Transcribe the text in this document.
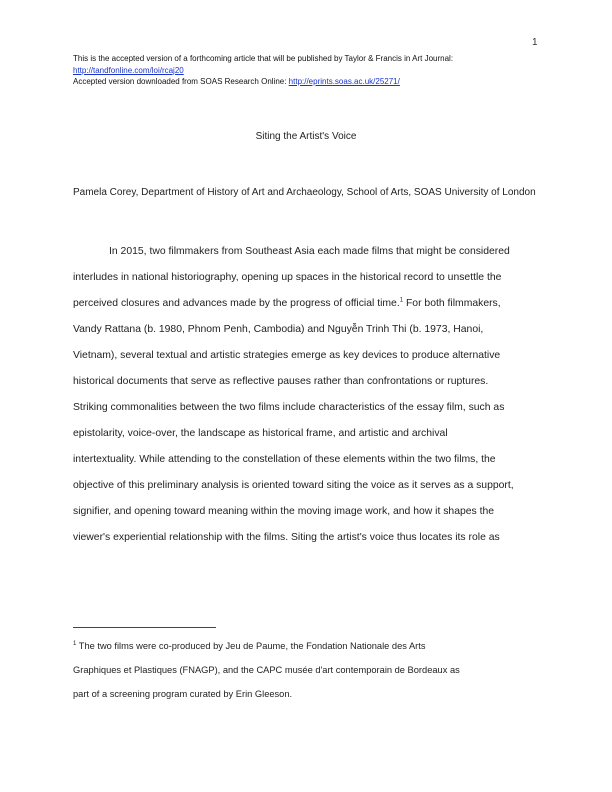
1
This is the accepted version of a forthcoming article that will be published by Taylor & Francis in Art Journal:
http://tandfonline.com/loi/rcaj20
Accepted version downloaded from SOAS Research Online: http://eprints.soas.ac.uk/25271/
Siting the Artist's Voice
Pamela Corey, Department of History of Art and Archaeology, School of Arts, SOAS University of London
In 2015, two filmmakers from Southeast Asia each made films that might be considered
interludes in national historiography, opening up spaces in the historical record to unsettle the
perceived closures and advances made by the progress of official time.$^1$ For both filmmakers,
Vandy Rattana (b. 1980, Phnom Penh, Cambodia) and Nguyễn Trinh Thi (b. 1973, Hanoi,
Vietnam), several textual and artistic strategies emerge as key devices to produce alternative
historical documents that serve as reflective pauses rather than confrontations or ruptures.
Striking commonalities between the two films include characteristics of the essay film, such as
epistolarity, voice-over, the landscape as historical frame, and artistic and archival
intertextuality. While attending to the constellation of these elements within the two films, the
objective of this preliminary analysis is oriented toward siting the voice as it serves as a support,
signifier, and opening toward meaning within the moving image work, and how it shapes the
viewer's experiential relationship with the films. Siting the artist's voice thus locates its role as
$^1$ The two films were co-produced by Jeu de Paume, the Fondation Nationale des Arts
Graphiques et Plastiques (FNAGP), and the CAPC musée d'art contemporain de Bordeaux as
part of a screening program curated by Erin Gleeson.
